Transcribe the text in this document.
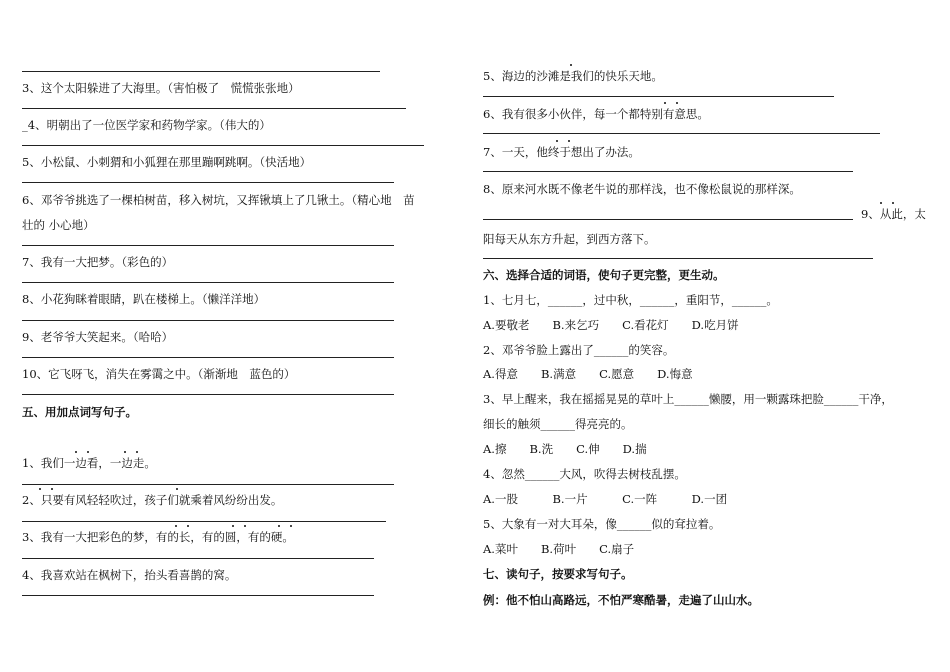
3、这个太阳躲进了大海里。（害怕极了　慌慌张张地）
_4、明朝出了一位医学家和药物学家。（伟大的）
5、小松鼠、小刺猬和小狐狸在那里蹦啊跳啊。（快活地）
6、邓爷爷挑选了一棵柏树苗，移入树坑，又挥锹填上了几锹土。（精心地　苗
壮的 小心地）
7、我有一大把梦。（彩色的）
8、小花狗眯着眼睛，趴在楼梯上。（懒洋洋地）
9、老爷爷大笑起来。（哈哈）
10、它飞呀飞，消失在雾霭之中。（渐渐地　蓝色的）
五、用加点词写句子。
1、我们一边看，一边走。
2、只要有风轻轻吹过，孩子们就乘着风纷纷出发。
3、我有一大把彩色的梦，有的长，有的圆，有的硬。
4、我喜欢站在枫树下，抬头看喜鹊的窝。
5、海边的沙滩是我们的快乐天地。
6、我有很多小伙伴，每一个都特别有意思。
7、一天，他终于想出了办法。
8、原来河水既不像老牛说的那样浅，也不像松鼠说的那样深。
9、从此，太
阳每天从东方升起，到西方落下。
六、选择合适的词语，使句子更完整，更生动。
1、七月七，______，过中秋，______，重阳节，______。
A.要敬老　　B.来乞巧　　C.看花灯　　D.吃月饼
2、邓爷爷脸上露出了______的笑容。
A.得意　　B.满意　　C.愿意　　D.悔意
3、早上醒来，我在摇摇晃晃的草叶上______懒腰，用一颗露珠把脸______干净，
细长的触须______得亮亮的。
A.擦　　B.洗　　C.伸　　D.揣
4、忽然______大风，吹得去树枝乱摆。
A.一股　　　B.一片　　　C.一阵　　　D.一团
5、大象有一对大耳朵，像______似的耷拉着。
A.菜叶　　B.荷叶　　C.扇子
七、读句子，按要求写句子。
例：他不怕山高路远，不怕严寒酷暑，走遍了山山水。
